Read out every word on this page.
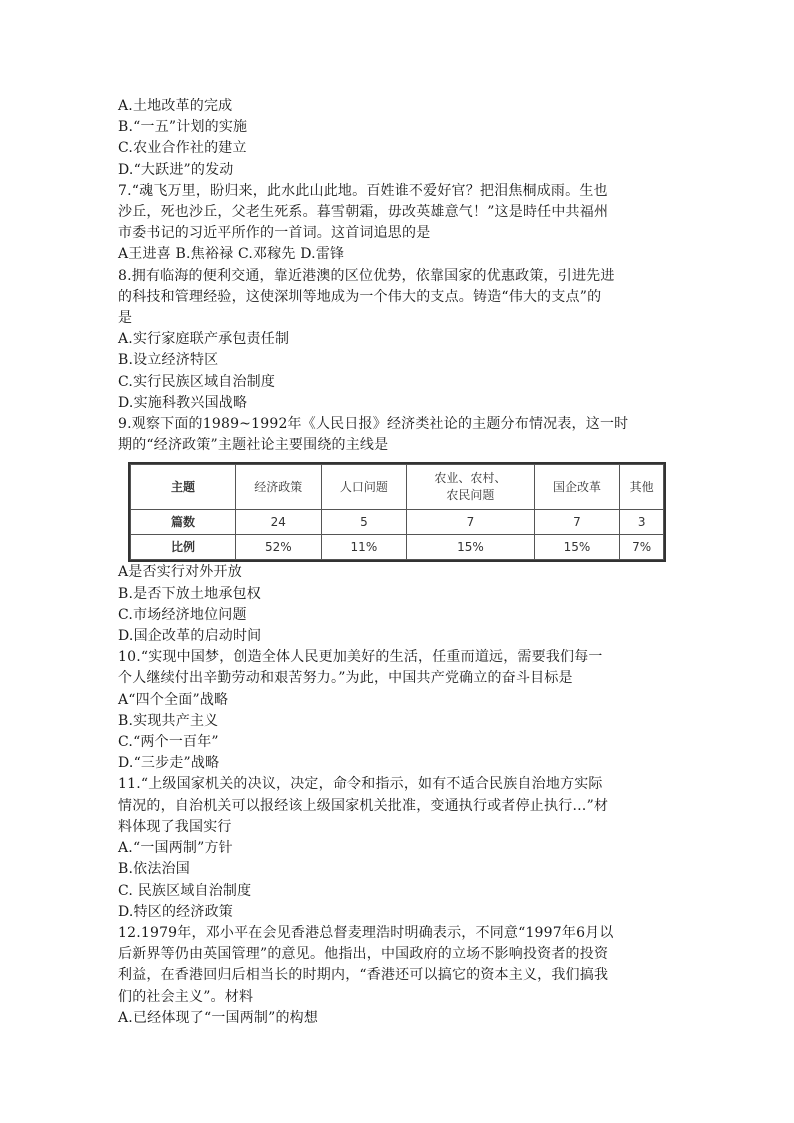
A.土地改革的完成
B.“一五”计划的实施
C.农业合作社的建立
D.“大跃进”的发动
7.“魂飞万里，盼归来，此水此山此地。百姓谁不爱好官？把泪焦桐成雨。生也
沙丘，死也沙丘，父老生死系。暮雪朝霜，毋改英雄意气！”这是時任中共福州
市委书记的习近平所作的一首词。这首词追思的是
A王进喜 B.焦裕禄 C.邓稼先 D.雷锋
8.拥有临海的便利交通，靠近港澳的区位优势，依靠国家的优惠政策，引进先进
的科技和管理经验，这使深圳等地成为一个伟大的支点。铸造“伟大的支点”的
是
A.实行家庭联产承包责任制
B.设立经济特区
C.实行民族区域自治制度
D.实施科教兴国战略
9.观察下面的1989~1992年《人民日报》经济类社论的主题分布情况表，这一时
期的“经济政策”主题社论主要围绕的主线是
主题	经济政策	人口问题	农业、农村、
农民问题	国企改革	其他
篇数	24	5	7	7	3
比例	52%	11%	15%	15%	7%
A是否实行对外开放
B.是否下放土地承包权
C.市场经济地位问题
D.国企改革的启动时间
10.“实现中国梦，创造全体人民更加美好的生活，任重而道远，需要我们每一
个人继续付出辛勤劳动和艰苦努力。”为此，中国共产党确立的奋斗目标是
A“四个全面”战略
B.实现共产主义
C.“两个一百年”
D.“三步走”战略
11.“上级国家机关的决议，决定，命令和指示，如有不适合民族自治地方实际
情况的，自治机关可以报经该上级国家机关批准，变通执行或者停止执行…”材
料体现了我国实行
A.“一国两制”方针
B.依法治国
C. 民族区域自治制度
D.特区的经济政策
12.1979年，邓小平在会见香港总督麦理浩时明确表示，不同意“1997年6月以
后新界等仍由英国管理”的意见。他指出，中国政府的立场不影响投资者的投资
利益，在香港回归后相当长的时期内，“香港还可以搞它的资本主义，我们搞我
们的社会主义”。材料
A.已经体现了“一国两制”的构想
